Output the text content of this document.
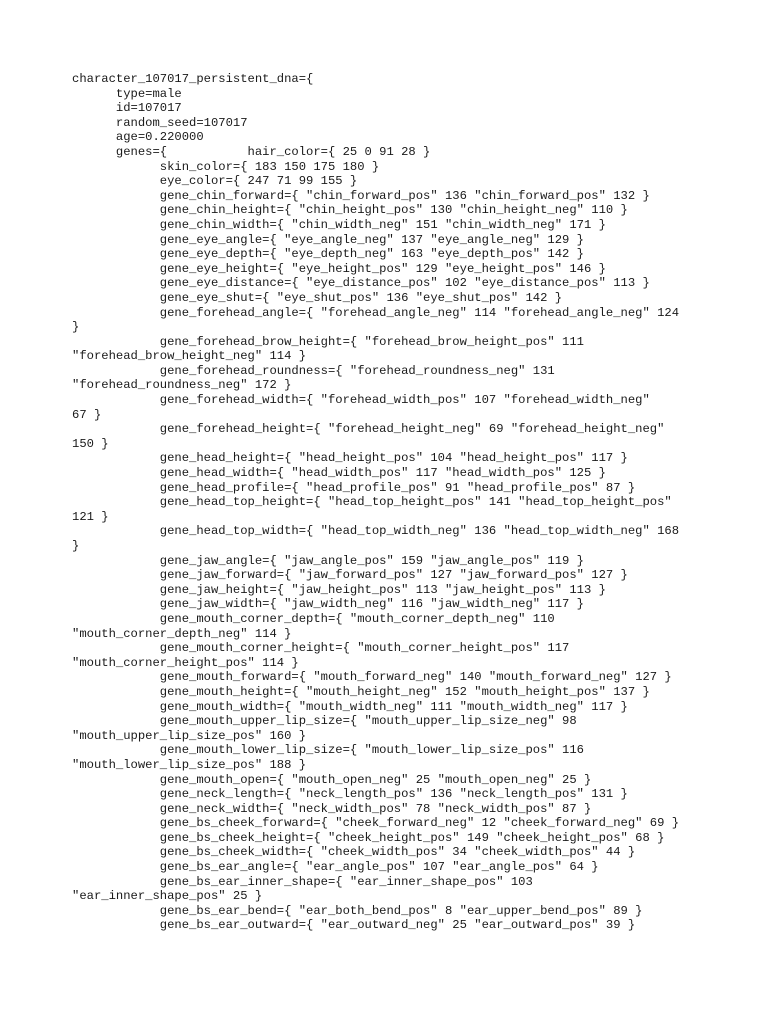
character_107017_persistent_dna={
type=male
id=107017
random_seed=107017
age=0.220000
genes={           hair_color={ 25 0 91 28 }
skin_color={ 183 150 175 180 }
eye_color={ 247 71 99 155 }
gene_chin_forward={ "chin_forward_pos" 136 "chin_forward_pos" 132 }
gene_chin_height={ "chin_height_pos" 130 "chin_height_neg" 110 }
gene_chin_width={ "chin_width_neg" 151 "chin_width_neg" 171 }
gene_eye_angle={ "eye_angle_neg" 137 "eye_angle_neg" 129 }
gene_eye_depth={ "eye_depth_neg" 163 "eye_depth_pos" 142 }
gene_eye_height={ "eye_height_pos" 129 "eye_height_pos" 146 }
gene_eye_distance={ "eye_distance_pos" 102 "eye_distance_pos" 113 }
gene_eye_shut={ "eye_shut_pos" 136 "eye_shut_pos" 142 }
gene_forehead_angle={ "forehead_angle_neg" 114 "forehead_angle_neg" 124
}
gene_forehead_brow_height={ "forehead_brow_height_pos" 111
"forehead_brow_height_neg" 114 }
gene_forehead_roundness={ "forehead_roundness_neg" 131
"forehead_roundness_neg" 172 }
gene_forehead_width={ "forehead_width_pos" 107 "forehead_width_neg"
67 }
gene_forehead_height={ "forehead_height_neg" 69 "forehead_height_neg"
150 }
gene_head_height={ "head_height_pos" 104 "head_height_pos" 117 }
gene_head_width={ "head_width_pos" 117 "head_width_pos" 125 }
gene_head_profile={ "head_profile_pos" 91 "head_profile_pos" 87 }
gene_head_top_height={ "head_top_height_pos" 141 "head_top_height_pos"
121 }
gene_head_top_width={ "head_top_width_neg" 136 "head_top_width_neg" 168
}
gene_jaw_angle={ "jaw_angle_pos" 159 "jaw_angle_pos" 119 }
gene_jaw_forward={ "jaw_forward_pos" 127 "jaw_forward_pos" 127 }
gene_jaw_height={ "jaw_height_pos" 113 "jaw_height_pos" 113 }
gene_jaw_width={ "jaw_width_neg" 116 "jaw_width_neg" 117 }
gene_mouth_corner_depth={ "mouth_corner_depth_neg" 110
"mouth_corner_depth_neg" 114 }
gene_mouth_corner_height={ "mouth_corner_height_pos" 117
"mouth_corner_height_pos" 114 }
gene_mouth_forward={ "mouth_forward_neg" 140 "mouth_forward_neg" 127 }
gene_mouth_height={ "mouth_height_neg" 152 "mouth_height_pos" 137 }
gene_mouth_width={ "mouth_width_neg" 111 "mouth_width_neg" 117 }
gene_mouth_upper_lip_size={ "mouth_upper_lip_size_neg" 98
"mouth_upper_lip_size_pos" 160 }
gene_mouth_lower_lip_size={ "mouth_lower_lip_size_pos" 116
"mouth_lower_lip_size_pos" 188 }
gene_mouth_open={ "mouth_open_neg" 25 "mouth_open_neg" 25 }
gene_neck_length={ "neck_length_pos" 136 "neck_length_pos" 131 }
gene_neck_width={ "neck_width_pos" 78 "neck_width_pos" 87 }
gene_bs_cheek_forward={ "cheek_forward_neg" 12 "cheek_forward_neg" 69 }
gene_bs_cheek_height={ "cheek_height_pos" 149 "cheek_height_pos" 68 }
gene_bs_cheek_width={ "cheek_width_pos" 34 "cheek_width_pos" 44 }
gene_bs_ear_angle={ "ear_angle_pos" 107 "ear_angle_pos" 64 }
gene_bs_ear_inner_shape={ "ear_inner_shape_pos" 103
"ear_inner_shape_pos" 25 }
gene_bs_ear_bend={ "ear_both_bend_pos" 8 "ear_upper_bend_pos" 89 }
gene_bs_ear_outward={ "ear_outward_neg" 25 "ear_outward_pos" 39 }
